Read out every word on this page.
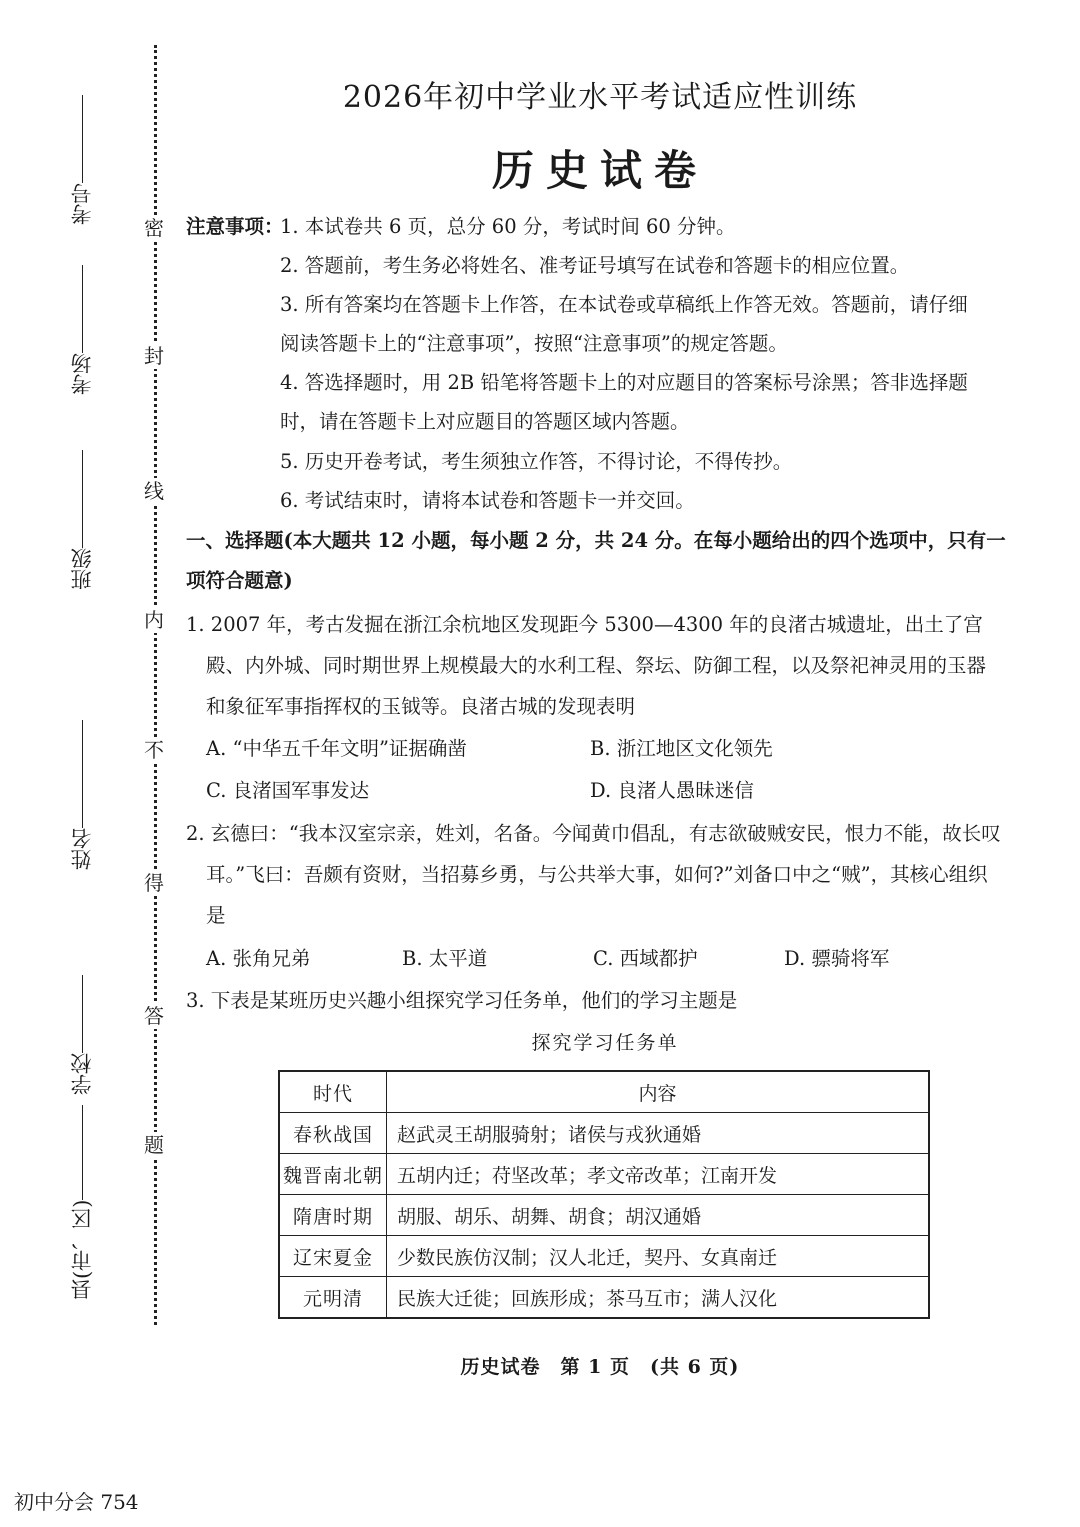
密
封
线
内
不
得
答
题
考号
考场
班级
姓名
学校
县(市、区)
2026年初中学业水平考试适应性训练
历史试卷
注意事项：
1. 本试卷共 6 页，总分 60 分，考试时间 60 分钟。
2. 答题前，考生务必将姓名、准考证号填写在试卷和答题卡的相应位置。
3. 所有答案均在答题卡上作答，在本试卷或草稿纸上作答无效。答题前，请仔细
阅读答题卡上的“注意事项”，按照“注意事项”的规定答题。
4. 答选择题时，用 2B 铅笔将答题卡上的对应题目的答案标号涂黑；答非选择题
时，请在答题卡上对应题目的答题区域内答题。
5. 历史开卷考试，考生须独立作答，不得讨论，不得传抄。
6. 考试结束时，请将本试卷和答题卡一并交回。
一、选择题(本大题共 12 小题，每小题 2 分，共 24 分。在每小题给出的四个选项中，只有一
项符合题意)
1. 2007 年，考古发掘在浙江余杭地区发现距今 5300—4300 年的良渚古城遗址，出土了宫
殿、内外城、同时期世界上规模最大的水利工程、祭坛、防御工程，以及祭祀神灵用的玉器
和象征军事指挥权的玉钺等。良渚古城的发现表明
A. “中华五千年文明”证据确凿	B. 浙江地区文化领先
C. 良渚国军事发达	D. 良渚人愚昧迷信
2. 玄德曰：“我本汉室宗亲，姓刘，名备。今闻黄巾倡乱，有志欲破贼安民，恨力不能，故长叹
耳。”飞曰：吾颇有资财，当招募乡勇，与公共举大事，如何?”刘备口中之“贼”，其核心组织
是
A. 张角兄弟	B. 太平道	C. 西域都护	D. 骠骑将军
3. 下表是某班历史兴趣小组探究学习任务单，他们的学习主题是
探究学习任务单
时代	内容
春秋战国	赵武灵王胡服骑射；诸侯与戎狄通婚
魏晋南北朝	五胡内迁；苻坚改革；孝文帝改革；江南开发
隋唐时期	胡服、胡乐、胡舞、胡食；胡汉通婚
辽宋夏金	少数民族仿汉制；汉人北迁，契丹、女真南迁
元明清	民族大迁徙；回族形成；茶马互市；满人汉化
历史试卷　第 1 页　(共 6 页)
初中分会 754
